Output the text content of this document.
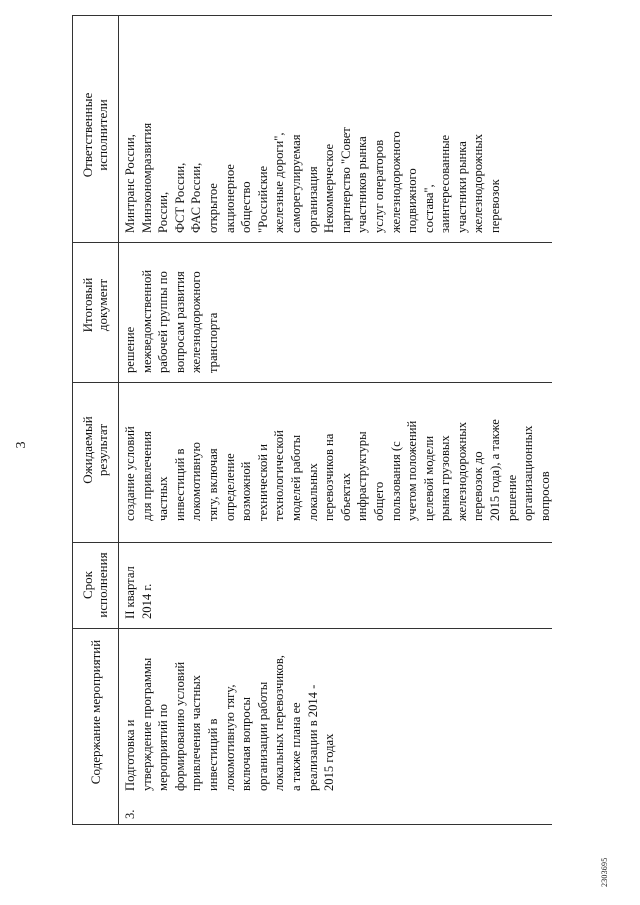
3
Содержание мероприятий
Срок исполнения
Ожидаемый результат
Итоговый документ
Ответственные исполнители
3.
Подготовка и
утверждение программы
мероприятий по
формированию условий
привлечения частных
инвестиций в
локомотивную тягу,
включая вопросы
организации работы
локальных перевозчиков,
а также плана ее
реализации в 2014 -
2015 годах
II квартал
2014 г.
создание условий
для привлечения
частных
инвестиций в
локомотивную
тягу, включая
определение
возможной
технической и
технологической
моделей работы
локальных
перевозчиков на
объектах
инфраструктуры
общего
пользования (с
учетом положений
целевой модели
рынка грузовых
железнодорожных
перевозок до
2015 года), а также
решение
организационных
вопросов
решение
межведомственной
рабочей группы по
вопросам развития
железнодорожного
транспорта
Минтранс России,
Минэкономразвития
России,
ФСТ России,
ФАС России,
открытое
акционерное
общество
"Российские
железные дороги",
саморегулируемая
организация
Некоммерческое
партнерство "Совет
участников рынка
услуг операторов
железнодорожного
подвижного
состава",
заинтересованные
участники рынка
железнодорожных
перевозок
2303695
